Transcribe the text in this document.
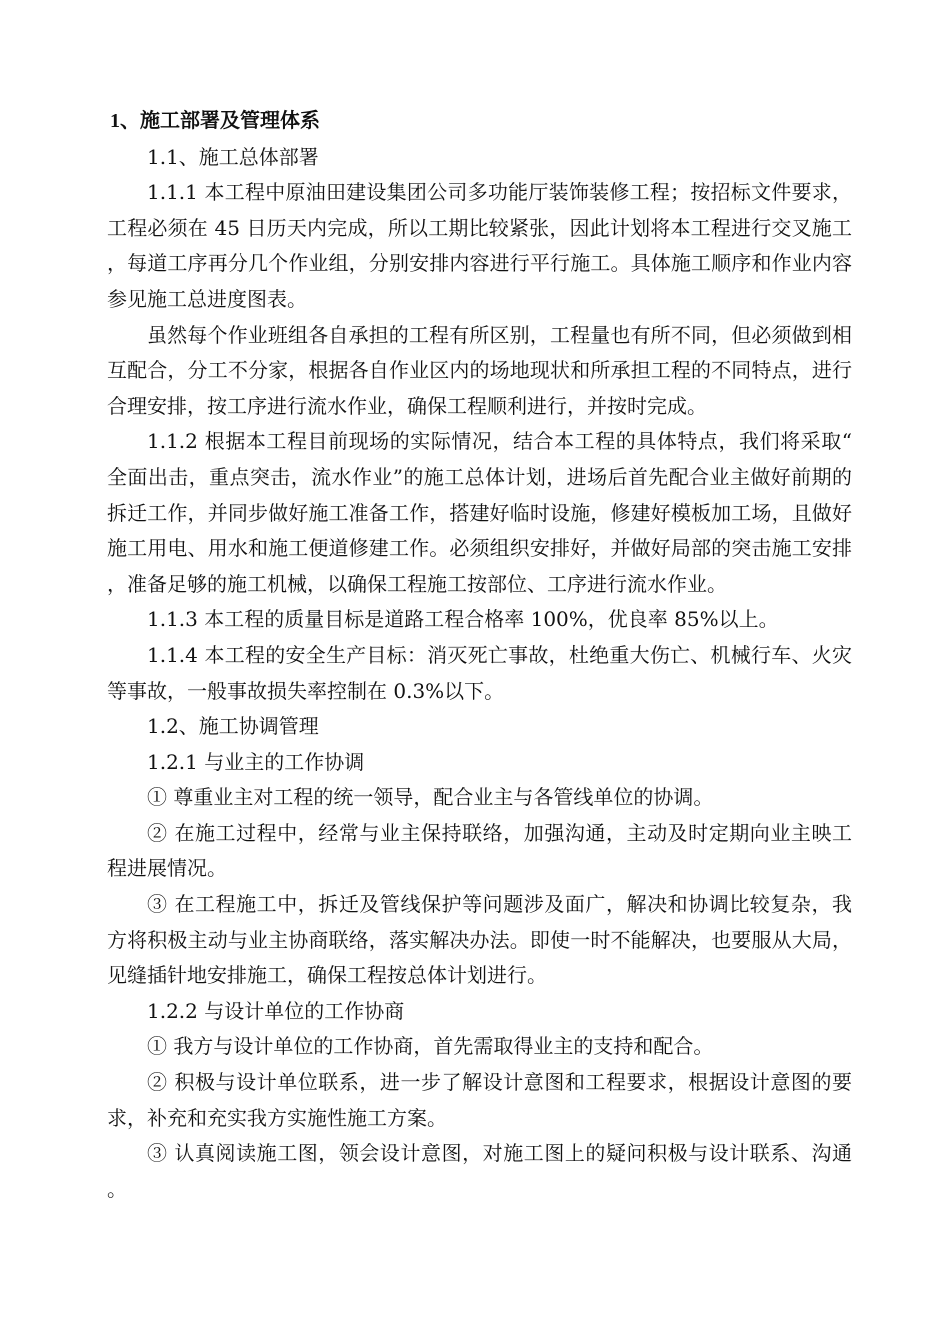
1、施工部署及管理体系

1.1、施工总体部署

1.1.1 本工程中原油田建设集团公司多功能厅装饰装修工程；按招标文件要求，工程必须在 45 日历天内完成，所以工期比较紧张，因此计划将本工程进行交叉施工，每道工序再分几个作业组，分别安排内容进行平行施工。具体施工顺序和作业内容参见施工总进度图表。

虽然每个作业班组各自承担的工程有所区别，工程量也有所不同，但必须做到相互配合，分工不分家，根据各自作业区内的场地现状和所承担工程的不同特点，进行合理安排，按工序进行流水作业，确保工程顺利进行，并按时完成。

1.1.2 根据本工程目前现场的实际情况，结合本工程的具体特点，我们将采取“全面出击，重点突击，流水作业”的施工总体计划，进场后首先配合业主做好前期的拆迁工作，并同步做好施工准备工作，搭建好临时设施，修建好模板加工场，且做好施工用电、用水和施工便道修建工作。必须组织安排好，并做好局部的突击施工安排，准备足够的施工机械，以确保工程施工按部位、工序进行流水作业。

1.1.3 本工程的质量目标是道路工程合格率 100%，优良率 85%以上。

1.1.4 本工程的安全生产目标：消灭死亡事故，杜绝重大伤亡、机械行车、火灾等事故，一般事故损失率控制在 0.3%以下。

1.2、施工协调管理

1.2.1 与业主的工作协调

① 尊重业主对工程的统一领导，配合业主与各管线单位的协调。

② 在施工过程中，经常与业主保持联络，加强沟通，主动及时定期向业主映工程进展情况。

③ 在工程施工中，拆迁及管线保护等问题涉及面广，解决和协调比较复杂，我方将积极主动与业主协商联络，落实解决办法。即使一时不能解决，也要服从大局，见缝插针地安排施工，确保工程按总体计划进行。

1.2.2 与设计单位的工作协商

① 我方与设计单位的工作协商，首先需取得业主的支持和配合。

② 积极与设计单位联系，进一步了解设计意图和工程要求，根据设计意图的要求，补充和充实我方实施性施工方案。

③ 认真阅读施工图，领会设计意图，对施工图上的疑问积极与设计联系、沟通。
